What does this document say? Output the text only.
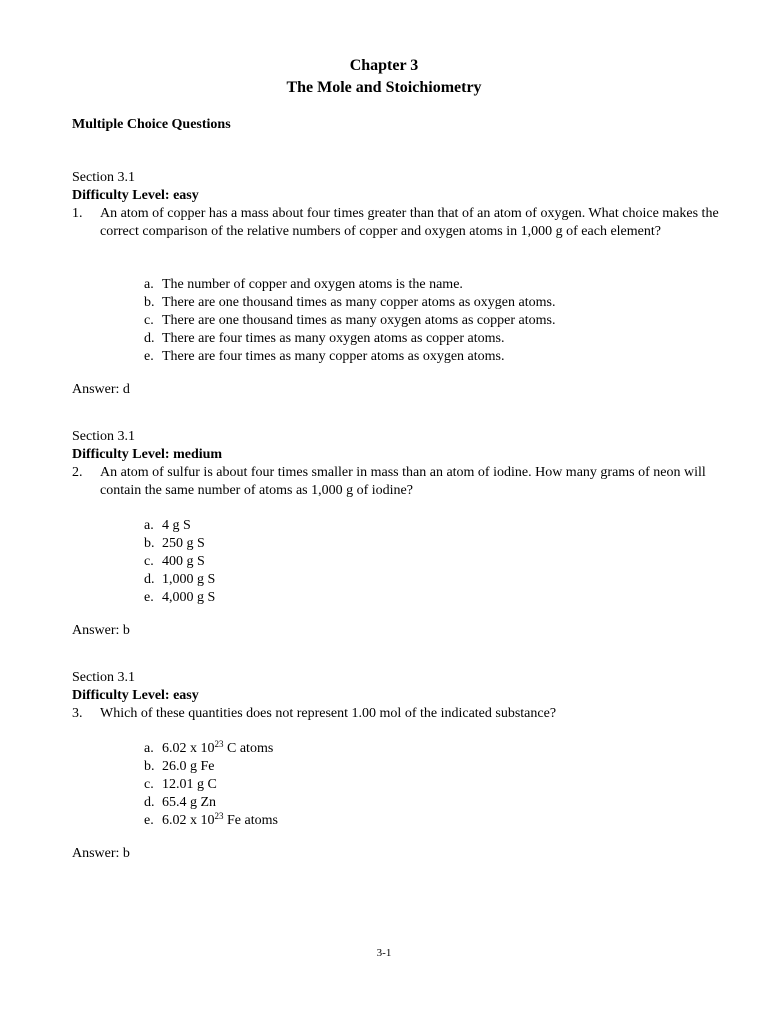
Chapter 3
The Mole and Stoichiometry
Multiple Choice Questions
Section 3.1
Difficulty Level: easy
1. An atom of copper has a mass about four times greater than that of an atom of oxygen. What choice makes the correct comparison of the relative numbers of copper and oxygen atoms in 1,000 g of each element?
a. The number of copper and oxygen atoms is the name.
b. There are one thousand times as many copper atoms as oxygen atoms.
c. There are one thousand times as many oxygen atoms as copper atoms.
d. There are four times as many oxygen atoms as copper atoms.
e. There are four times as many copper atoms as oxygen atoms.
Answer: d
Section 3.1
Difficulty Level: medium
2. An atom of sulfur is about four times smaller in mass than an atom of iodine. How many grams of neon will contain the same number of atoms as 1,000 g of iodine?
a. 4 g S
b. 250 g S
c. 400 g S
d. 1,000 g S
e. 4,000 g S
Answer: b
Section 3.1
Difficulty Level: easy
3. Which of these quantities does not represent 1.00 mol of the indicated substance?
a. 6.02 x $10^{23}$ C atoms
b. 26.0 g Fe
c. 12.01 g C
d. 65.4 g Zn
e. 6.02 x $10^{23}$ Fe atoms
Answer: b
3-1
